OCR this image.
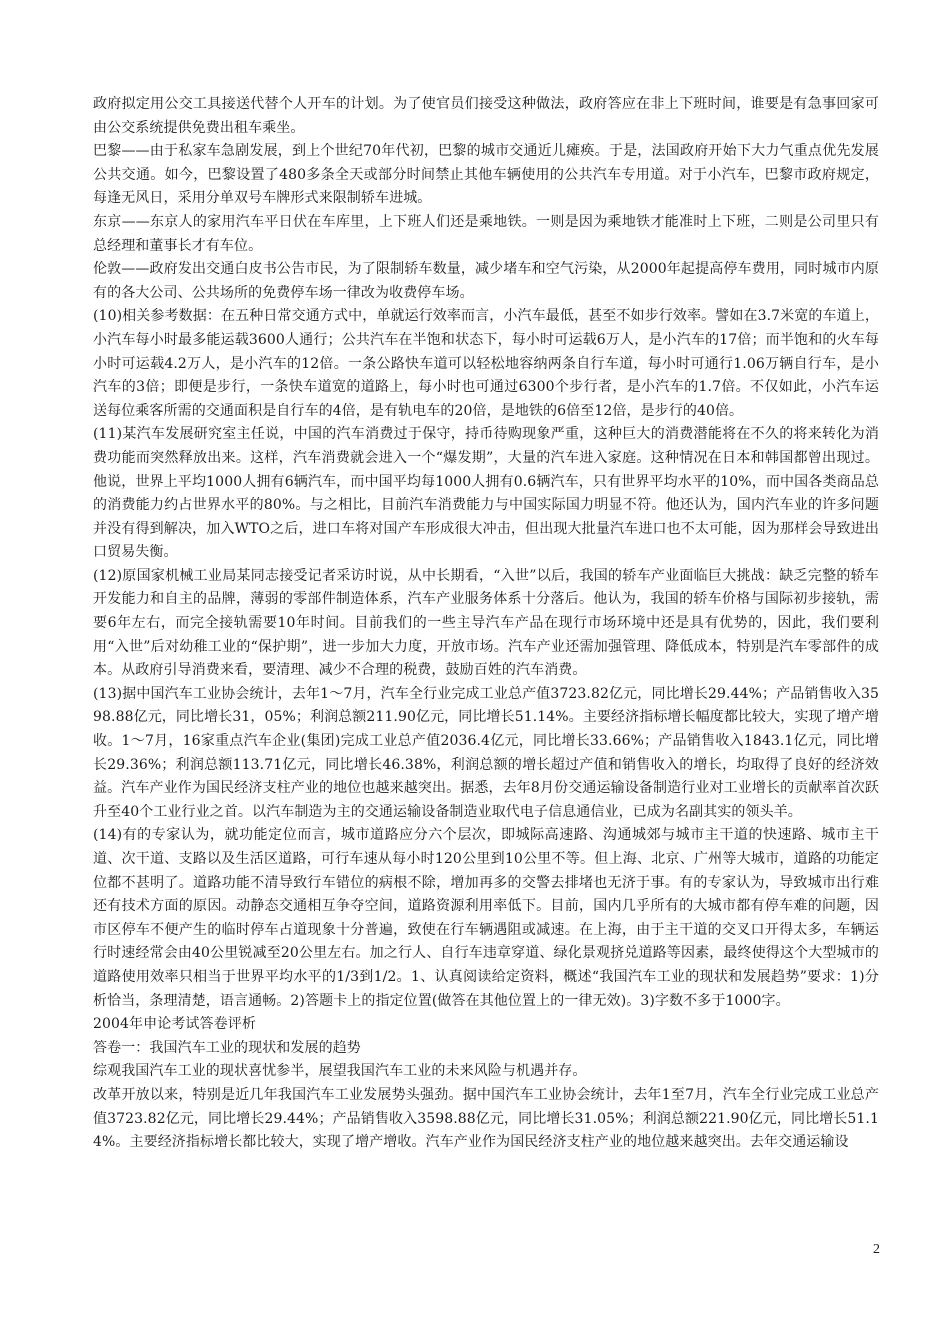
政府拟定用公交工具接送代替个人开车的计划。为了使官员们接受这种做法，政府答应在非上下班时间，谁要是有急事回家可由公交系统提供免费出租车乘坐。

巴黎——由于私家车急剧发展，到上个世纪70年代初，巴黎的城市交通近儿瘫痪。于是，法国政府开始下大力气重点优先发展公共交通。如今，巴黎设置了480多条全天或部分时间禁止其他车辆使用的公共汽车专用道。对于小汽车，巴黎市政府规定，每逢无风日，采用分单双号车牌形式来限制轿车进城。

东京——东京人的家用汽车平日伏在车库里，上下班人们还是乘地铁。一则是因为乘地铁才能准时上下班，二则是公司里只有总经理和董事长才有车位。

伦敦——政府发出交通白皮书公告市民，为了限制轿车数量，减少堵车和空气污染，从2000年起提高停车费用，同时城市内原有的各大公司、公共场所的免费停车场一律改为收费停车场。

(10)相关参考数据：在五种日常交通方式中，单就运行效率而言，小汽车最低，甚至不如步行效率。譬如在3.7米宽的车道上，小汽车每小时最多能运载3600人通行；公共汽车在半饱和状态下，每小时可运载6万人，是小汽车的17倍；而半饱和的火车每小时可运载4.2万人，是小汽车的12倍。一条公路快车道可以轻松地容纳两条自行车道，每小时可通行1.06万辆自行车，是小汽车的3倍；即便是步行，一条快车道宽的道路上，每小时也可通过6300个步行者，是小汽车的1.7倍。不仅如此，小汽车运送每位乘客所需的交通面积是自行车的4倍，是有轨电车的20倍，是地铁的6倍至12倍，是步行的40倍。

(11)某汽车发展研究室主任说，中国的汽车消费过于保守，持币待购现象严重，这种巨大的消费潜能将在不久的将来转化为消费功能而突然释放出来。这样，汽车消费就会进入一个“爆发期”，大量的汽车进入家庭。这种情况在日本和韩国都曾出现过。他说，世界上平均1000人拥有6辆汽车，而中国平均每1000人拥有0.6辆汽车，只有世界平均水平的10%，而中国各类商品总的消费能力约占世界水平的80%。与之相比，目前汽车消费能力与中国实际国力明显不符。他还认为，国内汽车业的许多问题并没有得到解决，加入WTO之后，进口车将对国产车形成很大冲击，但出现大批量汽车进口也不太可能，因为那样会导致进出口贸易失衡。

(12)原国家机械工业局某同志接受记者采访时说，从中长期看，“入世”以后，我国的轿车产业面临巨大挑战：缺乏完整的轿车开发能力和自主的品牌，薄弱的零部件制造体系，汽车产业服务体系十分落后。他认为，我国的轿车价格与国际初步接轨，需要6年左右，而完全接轨需要10年时间。目前我们的一些主导汽车产品在现行市场环境中还是具有优势的，因此，我们要利用“入世”后对幼稚工业的“保护期”，进一步加大力度，开放市场。汽车产业还需加强管理、降低成本，特别是汽车零部件的成本。从政府引导消费来看，要清理、减少不合理的税费，鼓励百姓的汽车消费。

(13)据中国汽车工业协会统计，去年1～7月，汽车全行业完成工业总产值3723.82亿元，同比增长29.44%；产品销售收入3598.88亿元，同比增长31，05%；利润总额211.90亿元，同比增长51.14%。主要经济指标增长幅度都比较大，实现了增产增收。1～7月，16家重点汽车企业(集团)完成工业总产值2036.4亿元，同比增长33.66%；产品销售收入1843.1亿元，同比增长29.36%；利润总额113.71亿元，同比增长46.38%，利润总额的增长超过产值和销售收入的增长，均取得了良好的经济效益。汽车产业作为国民经济支柱产业的地位也越来越突出。据悉，去年8月份交通运输设备制造行业对工业增长的贡献率首次跃升至40个工业行业之首。以汽车制造为主的交通运输设备制造业取代电子信息通信业，已成为名副其实的领头羊。

(14)有的专家认为，就功能定位而言，城市道路应分六个层次，即城际高速路、沟通城郊与城市主干道的快速路、城市主干道、次干道、支路以及生活区道路，可行车速从每小时120公里到10公里不等。但上海、北京、广州等大城市，道路的功能定位都不甚明了。道路功能不清导致行车错位的病根不除，增加再多的交警去排堵也无济于事。有的专家认为，导致城市出行难还有技术方面的原因。动静态交通相互争夺空间，道路资源利用率低下。目前，国内几乎所有的大城市都有停车难的问题，因市区停车不便产生的临时停车占道现象十分普遍，致使在行车辆遇阻或减速。在上海，由于主干道的交叉口开得太多，车辆运行时速经常会由40公里锐减至20公里左右。加之行人、自行车违章穿道、绿化景观挤兑道路等因素，最终使得这个大型城市的道路使用效率只相当于世界平均水平的1/3到1/2。1、认真阅读给定资料，概述“我国汽车工业的现状和发展趋势”要求：1)分析恰当，条理清楚，语言通畅。2)答题卡上的指定位置(做答在其他位置上的一律无效)。3)字数不多于1000字。

2004年申论考试答卷评析

答卷一：我国汽车工业的现状和发展的趋势

综观我国汽车工业的现状喜忧参半，展望我国汽车工业的未来风险与机遇并存。

改革开放以来，特别是近几年我国汽车工业发展势头强劲。据中国汽车工业协会统计，去年1至7月，汽车全行业完成工业总产值3723.82亿元，同比增长29.44%；产品销售收入3598.88亿元，同比增长31.05%；利润总额221.90亿元，同比增长51.14%。主要经济指标增长都比较大，实现了增产增收。汽车产业作为国民经济支柱产业的地位越来越突出。去年交通运输设

2
